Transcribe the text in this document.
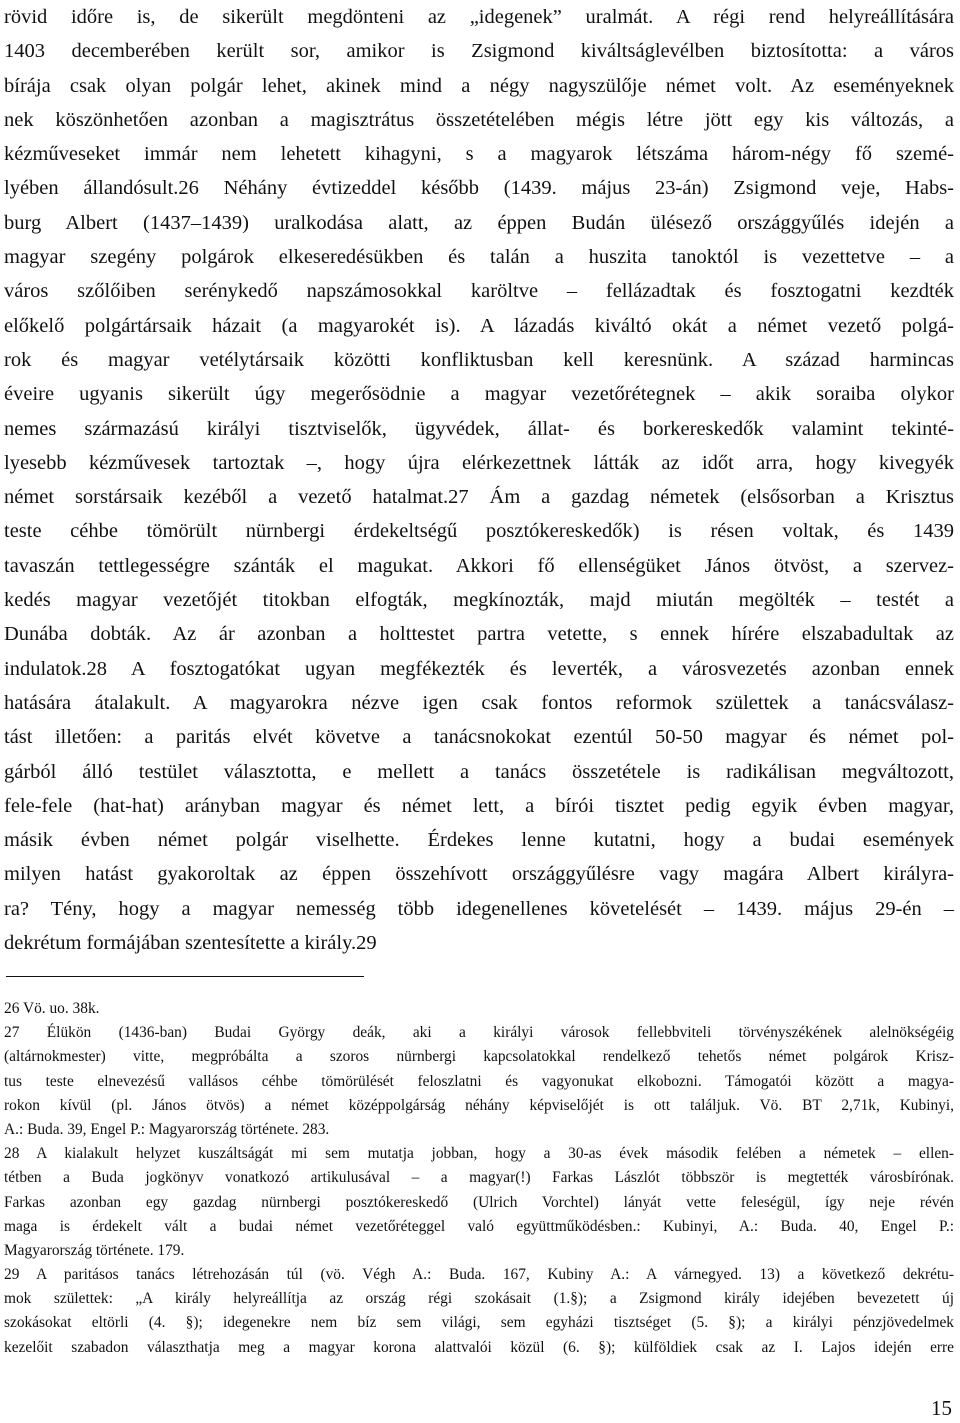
rövid időre is, de sikerült megdönteni az „idegenek” uralmát. A régi rend helyreállítására
1403 decemberében került sor, amikor is Zsigmond kiváltságlevélben biztosította: a város
bírája csak olyan polgár lehet, akinek mind a négy nagyszülője német volt. Az eseményeknek
nek köszönhetően azonban a magisztrátus összetételében mégis létre jött egy kis változás, a
kézműveseket immár nem lehetett kihagyni, s a magyarok létszáma három-négy fő szemé-
lyében állandósult.26 Néhány évtizeddel később (1439. május 23-án) Zsigmond veje, Habs-
burg Albert (1437–1439) uralkodása alatt, az éppen Budán ülésező országgyűlés idején a
magyar szegény polgárok elkeseredésükben és talán a huszita tanoktól is vezettetve – a
város szőlőiben serénykedő napszámosokkal karöltve – fellázadtak és fosztogatni kezdték
előkelő polgártársaik házait (a magyarokét is). A lázadás kiváltó okát a német vezető polgá-
rok és magyar vetélytársaik közötti konfliktusban kell keresnünk. A század harmincas
éveire ugyanis sikerült úgy megerősödnie a magyar vezetőrétegnek – akik soraiba olykor
nemes származású királyi tisztviselők, ügyvédek, állat- és borkereskedők valamint tekinté-
lyesebb kézművesek tartoztak –, hogy újra elérkezettnek látták az időt arra, hogy kivegyék
német sorstársaik kezéből a vezető hatalmat.27 Ám a gazdag németek (elsősorban a Krisztus
teste céhbe tömörült nürnbergi érdekeltségű posztókereskedők) is résen voltak, és 1439
tavaszán tettlegességre szánták el magukat. Akkori fő ellenségüket János ötvöst, a szervez-
kedés magyar vezetőjét titokban elfogták, megkínozták, majd miután megölték – testét a
Dunába dobták. Az ár azonban a holttestet partra vetette, s ennek hírére elszabadultak az
indulatok.28 A fosztogatókat ugyan megfékezték és leverték, a városvezetés azonban ennek
hatására átalakult. A magyarokra nézve igen csak fontos reformok születtek a tanácsválasz-
tást illetően: a paritás elvét követve a tanácsnokokat ezentúl 50-50 magyar és német pol-
gárból álló testület választotta, e mellett a tanács összetétele is radikálisan megváltozott,
fele-fele (hat-hat) arányban magyar és német lett, a bírói tisztet pedig egyik évben magyar,
másik évben német polgár viselhette. Érdekes lenne kutatni, hogy a budai események
milyen hatást gyakoroltak az éppen összehívott országgyűlésre vagy magára Albert királyra-
ra? Tény, hogy a magyar nemesség több idegenellenes követelését – 1439. május 29-én –
dekrétum formájában szentesítette a király.29
26 Vö. uo. 38k.
27 Élükön (1436-ban) Budai György deák, aki a királyi városok fellebbviteli törvényszékének alelnökségéig
(altárnokmester) vitte, megpróbálta a szoros nürnbergi kapcsolatokkal rendelkező tehetős német polgárok Krisz-
tus teste elnevezésű vallásos céhbe tömörülését feloszlatni és vagyonukat elkobozni. Támogatói között a magya-
rokon kívül (pl. János ötvös) a német középpolgárság néhány képviselőjét is ott találjuk. Vö. BT 2,71k, Kubinyi,
A.: Buda. 39, Engel P.: Magyarország története. 283.
28 A kialakult helyzet kuszáltságát mi sem mutatja jobban, hogy a 30-as évek második felében a németek – ellen-
tétben a Buda jogkönyv vonatkozó artikulusával – a magyar(!) Farkas Lászlót többször is megtették városbírónak.
Farkas azonban egy gazdag nürnbergi posztókereskedő (Ulrich Vorchtel) lányát vette feleségül, így neje révén
maga is érdekelt vált a budai német vezetőréteggel való együttműködésben.: Kubinyi, A.: Buda. 40, Engel P.:
Magyarország története. 179.
29 A paritásos tanács létrehozásán túl (vö. Végh A.: Buda. 167, Kubiny A.: A várnegyed. 13) a következő dekrétu-
mok születtek: „A király helyreállítja az ország régi szokásait (1.§); a Zsigmond király idejében bevezetett új
szokásokat eltörli (4. §); idegenekre nem bíz sem világi, sem egyházi tisztséget (5. §); a királyi pénzjövedelmek
kezelőit szabadon választhatja meg a magyar korona alattvalói közül (6. §); külföldiek csak az I. Lajos idején erre
15
